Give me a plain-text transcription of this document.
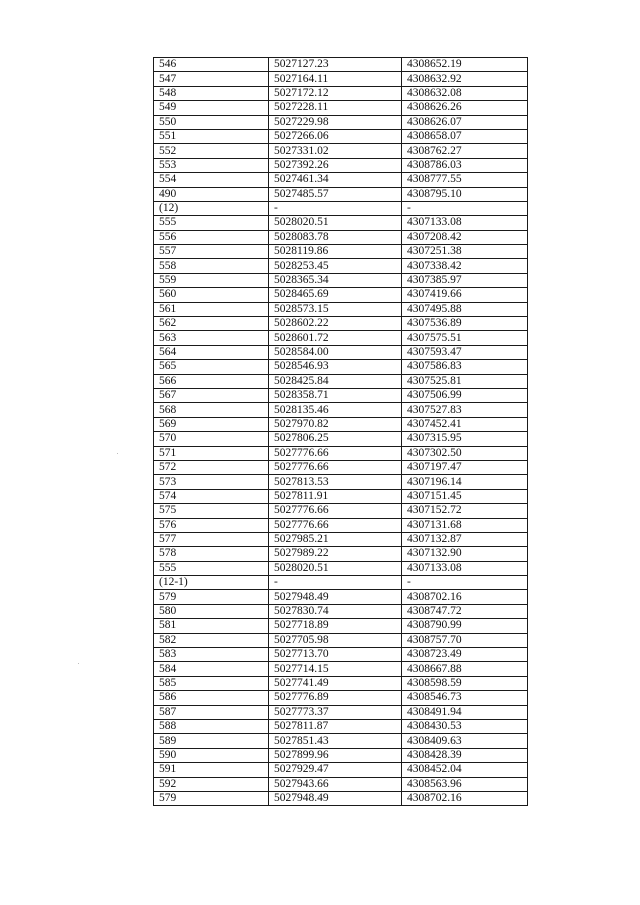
546	5027127.23	4308652.19
547	5027164.11	4308632.92
548	5027172.12	4308632.08
549	5027228.11	4308626.26
550	5027229.98	4308626.07
551	5027266.06	4308658.07
552	5027331.02	4308762.27
553	5027392.26	4308786.03
554	5027461.34	4308777.55
490	5027485.57	4308795.10
(12)	-	-
555	5028020.51	4307133.08
556	5028083.78	4307208.42
557	5028119.86	4307251.38
558	5028253.45	4307338.42
559	5028365.34	4307385.97
560	5028465.69	4307419.66
561	5028573.15	4307495.88
562	5028602.22	4307536.89
563	5028601.72	4307575.51
564	5028584.00	4307593.47
565	5028546.93	4307586.83
566	5028425.84	4307525.81
567	5028358.71	4307506.99
568	5028135.46	4307527.83
569	5027970.82	4307452.41
570	5027806.25	4307315.95
571	5027776.66	4307302.50
572	5027776.66	4307197.47
573	5027813.53	4307196.14
574	5027811.91	4307151.45
575	5027776.66	4307152.72
576	5027776.66	4307131.68
577	5027985.21	4307132.87
578	5027989.22	4307132.90
555	5028020.51	4307133.08
(12-1)	-	-
579	5027948.49	4308702.16
580	5027830.74	4308747.72
581	5027718.89	4308790.99
582	5027705.98	4308757.70
583	5027713.70	4308723.49
584	5027714.15	4308667.88
585	5027741.49	4308598.59
586	5027776.89	4308546.73
587	5027773.37	4308491.94
588	5027811.87	4308430.53
589	5027851.43	4308409.63
590	5027899.96	4308428.39
591	5027929.47	4308452.04
592	5027943.66	4308563.96
579	5027948.49	4308702.16
